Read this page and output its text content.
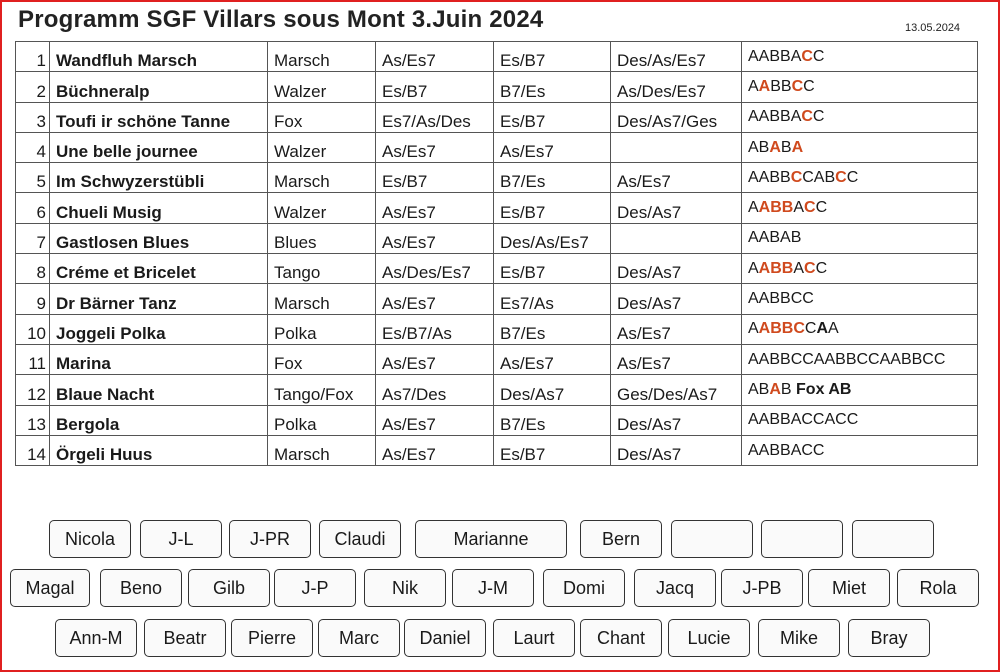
Programm SGF Villars sous Mont 3.Juin 2024	13.05.2024
1	Wandfluh Marsch	Marsch	As/Es7	Es/B7	Des/As/Es7	AABBACC
2	Büchneralp	Walzer	Es/B7	B7/Es	As/Des/Es7	AABBCC
3	Toufi ir schöne Tanne	Fox	Es7/As/Des	Es/B7	Des/As7/Ges	AABBACC
4	Une belle journee	Walzer	As/Es7	As/Es7		ABABA
5	Im Schwyzerstübli	Marsch	Es/B7	B7/Es	As/Es7	AABBCCABCC
6	Chueli Musig	Walzer	As/Es7	Es/B7	Des/As7	AABBACC
7	Gastlosen Blues	Blues	As/Es7	Des/As/Es7		AABAB
8	Créme et Bricelet	Tango	As/Des/Es7	Es/B7	Des/As7	AABBACC
9	Dr Bärner Tanz	Marsch	As/Es7	Es7/As	Des/As7	AABBCC
10	Joggeli Polka	Polka	Es/B7/As	B7/Es	As/Es7	AABBCCAA
11	Marina	Fox	As/Es7	As/Es7	As/Es7	AABBCCAABBCCAABBCC
12	Blaue Nacht	Tango/Fox	As7/Des	Des/As7	Ges/Des/As7	ABAB Fox AB
13	Bergola	Polka	As/Es7	B7/Es	Des/As7	AABBACCACC
14	Örgeli Huus	Marsch	As/Es7	Es/B7	Des/As7	AABBACC
Nicola	J-L	J-PR	Claudi	Marianne	Bern
Magal	Beno	Gilb	J-P	Nik	J-M	Domi	Jacq	J-PB	Miet	Rola
Ann-M	Beatr	Pierre	Marc	Daniel	Laurt	Chant	Lucie	Mike	Bray
